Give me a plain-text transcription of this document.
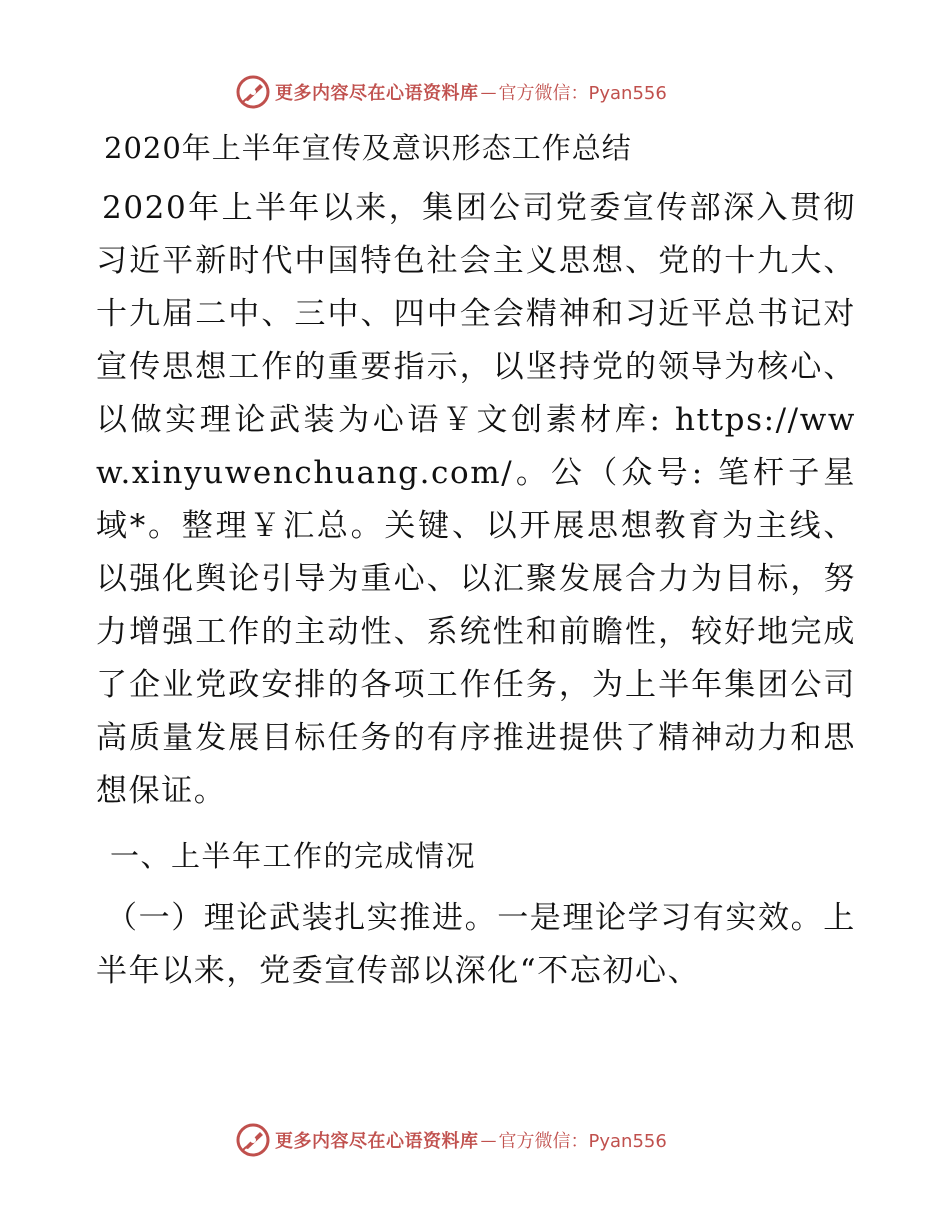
更多内容尽在心语资料库 — 官方微信：Pyan556
2020年上半年宣传及意识形态工作总结

2020年上半年以来，集团公司党委宣传部深入贯彻习近平新时代中国特色社会主义思想、党的十九大、十九届二中、三中、四中全会精神和习近平总书记对宣传思想工作的重要指示，以坚持党的领导为核心、以做实理论武装为心语￥文创素材库: https://www.xinyuwenchuang.com/。公（众号: 笔杆子星域*。整理￥汇总。关键、以开展思想教育为主线、以强化舆论引导为重心、以汇聚发展合力为目标，努力增强工作的主动性、系统性和前瞻性，较好地完成了企业党政安排的各项工作任务，为上半年集团公司高质量发展目标任务的有序推进提供了精神动力和思想保证。

一、上半年工作的完成情况

（一）理论武装扎实推进。一是理论学习有实效。上半年以来，党委宣传部以深化“不忘初心、

更多内容尽在心语资料库 — 官方微信：Pyan556
